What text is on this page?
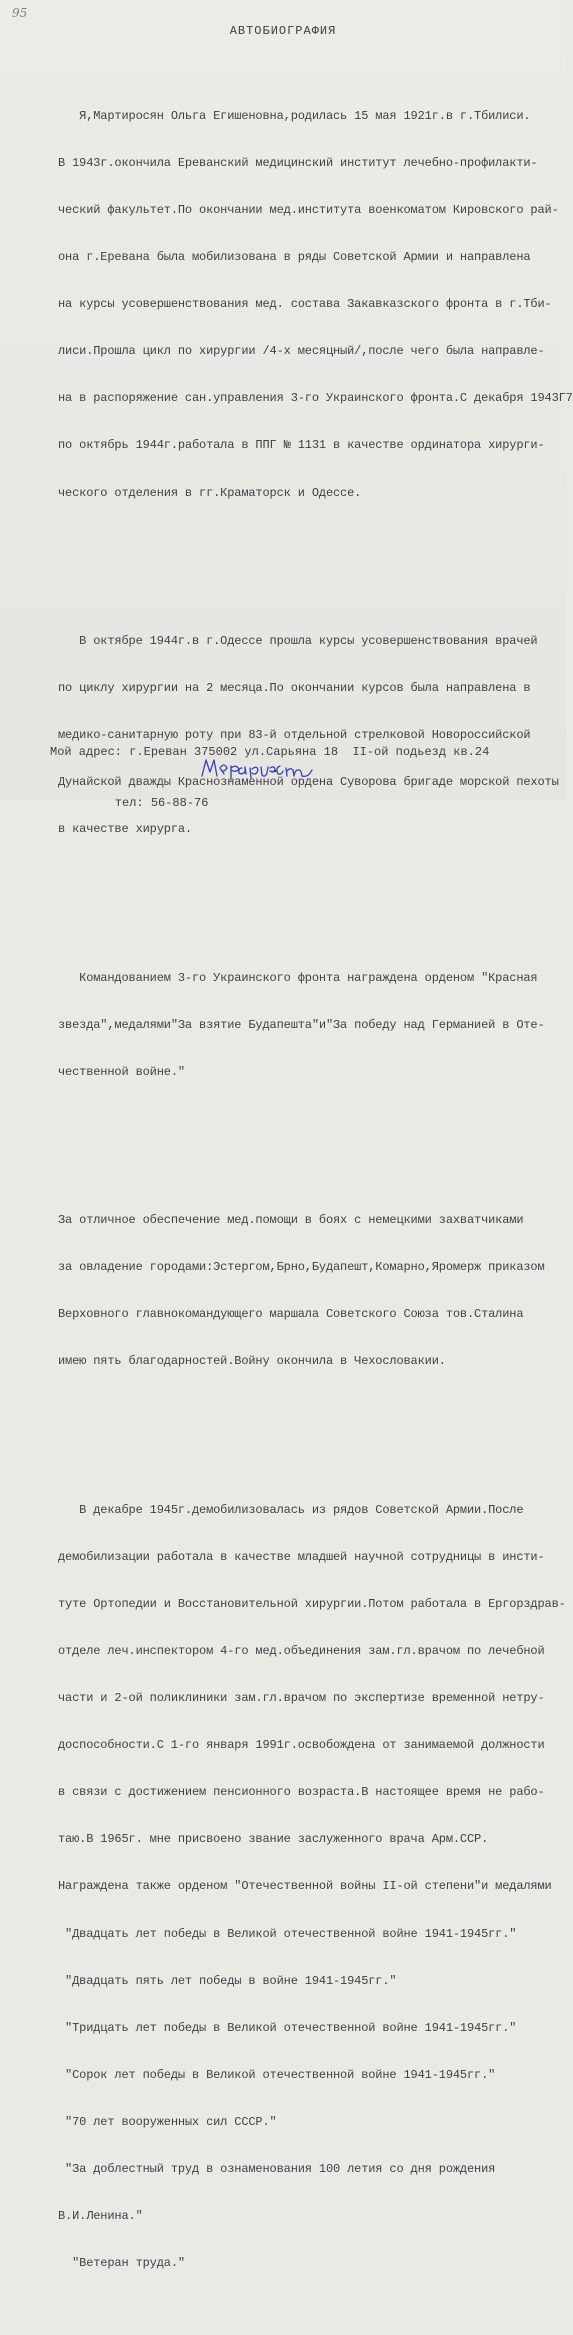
95
АВТОБИОГРАФИЯ

Я,Мартиросян Ольга Егишеновна,родилась 15 мая 1921г.в г.Тбилиси.

В 1943г.окончила Ереванский медицинский институт лечебно-профилакти-

ческий факультет.По окончании мед.института военкоматом Кировского рай-

она г.Еревана была мобилизована в ряды Советской Армии и направлена

на курсы усовершенствования мед. состава Закавказского фронта в г.Тби-

лиси.Прошла цикл по хирургии /4-х месяцный/,после чего была направле-

на в распоряжение сан.управления 3-го Украинского фронта.С декабря 1943Г7

по октябрь 1944г.работала в ППГ № 1131 в качестве ординатора хирурги-

ческого отделения в гг.Краматорск и Одессе.

В октябре 1944г.в г.Одессе прошла курсы усовершенствования врачей

по циклу хирургии на 2 месяца.По окончании курсов была направлена в

медико-санитарную роту при 83-й отдельной стрелковой Новороссийской

Дунайской дважды Краснознаменной ордена Суворова бригаде морской пехоты

в качестве хирурга.

Командованием 3-го Украинского фронта награждена орденом "Красная

звезда",медалями"За взятие Будапешта"и"За победу над Германией в Оте-

чественной войне."

За отличное обеспечение мед.помощи в боях с немецкими захватчиками

за овладение городами:Эстергом,Брно,Будапешт,Комарно,Яромерж приказом

Верховного главнокомандующего маршала Советского Союза тов.Сталина

имею пять благодарностей.Войну окончила в Чехословакии.

В декабре 1945г.демобилизовалась из рядов Советской Армии.После

демобилизации работала в качестве младшей научной сотрудницы в инсти-

туте Ортопедии и Восстановительной хирургии.Потом работала в Ергорздрав-

отделе леч.инспектором 4-го мед.объединения зам.гл.врачом по лечебной

части и 2-ой поликлиники зам.гл.врачом по экспертизе временной нетру-

доспособности.С 1-го января 1991г.освобождена от занимаемой должности

в связи с достижением пенсионного возраста.В настоящее время не рабо-

таю.В 1965г. мне присвоено звание заслуженного врача Арм.ССР.

Награждена также орденом "Отечественной войны II-ой степени"и медалями

"Двадцать лет победы в Великой отечественной войне 1941-1945гг."

"Двадцать пять лет победы в войне 1941-1945гг."

"Тридцать лет победы в Великой отечественной войне 1941-1945гг."

"Сорок лет победы в Великой отечественной войне 1941-1945гг."

"70 лет вооруженных сил СССР."

"За доблестный труд в ознаменования 100 летия со дня рождения

В.И.Ленина."

"Ветеран труда."

Мой адрес: г.Ереван 375002 ул.Сарьяна 18  II-ой подьезд кв.24

тел: 56-88-76
